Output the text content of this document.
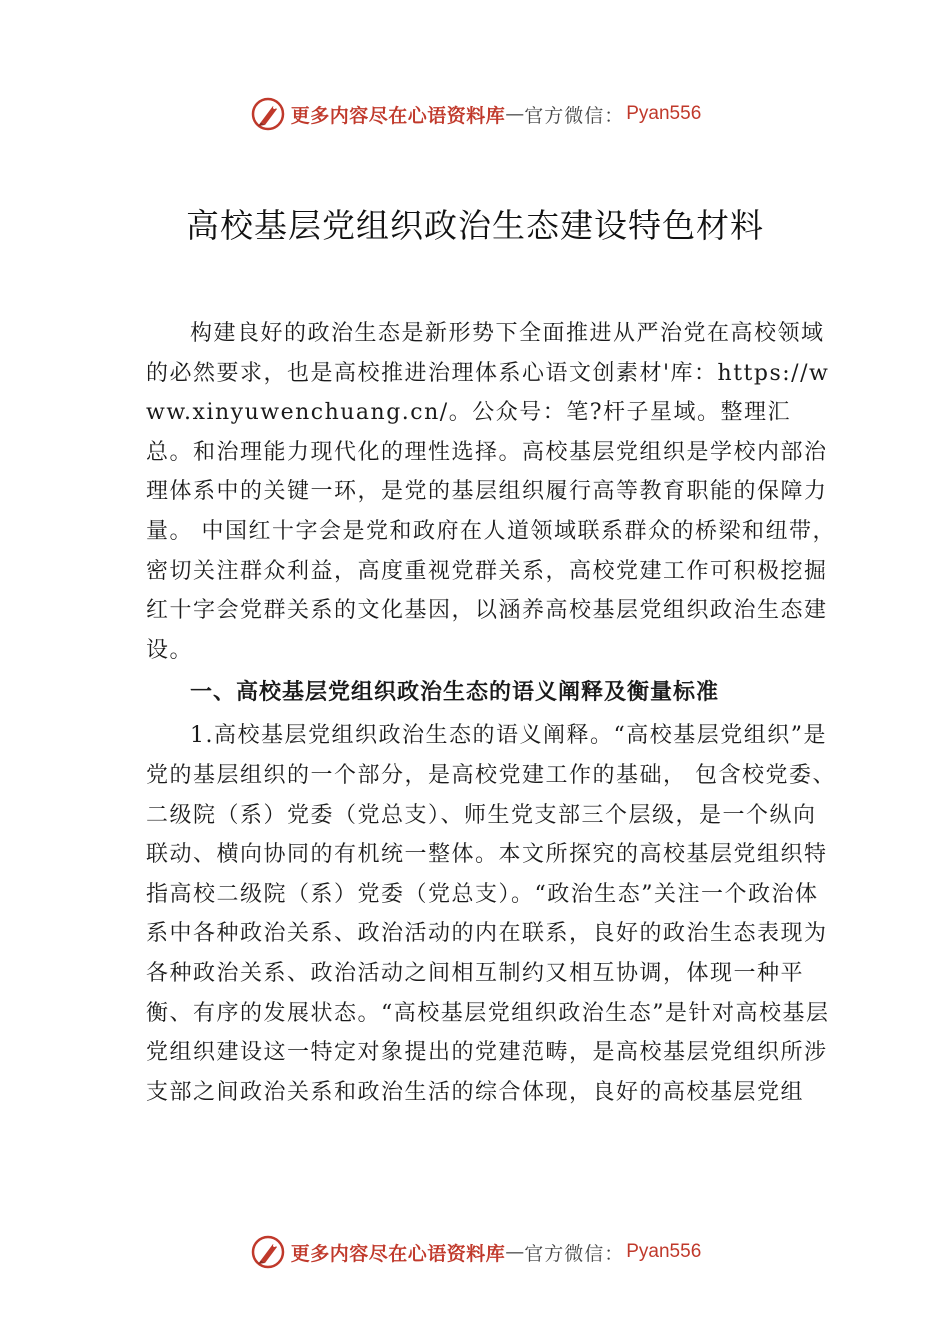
更多内容尽在心语资料库 — 官方微信： Pyan556
高校基层党组织政治生态建设特色材料

构建良好的政治生态是新形势下全面推进从严治党在高校领域的必然要求，也是高校推进治理体系心语文创素材'库：https://www.xinyuwenchuang.cn/。公众号：笔?杆子星域。整理汇总。和治理能力现代化的理性选择。高校基层党组织是学校内部治理体系中的关键一环，是党的基层组织履行高等教育职能的保障力量。 中国红十字会是党和政府在人道领域联系群众的桥梁和纽带，密切关注群众利益，高度重视党群关系，高校党建工作可积极挖掘红十字会党群关系的文化基因，以涵养高校基层党组织政治生态建设。

一、高校基层党组织政治生态的语义阐释及衡量标准

1.高校基层党组织政治生态的语义阐释。“高校基层党组织”是党的基层组织的一个部分，是高校党建工作的基础， 包含校党委、二级院（系）党委（党总支）、师生党支部三个层级，是一个纵向联动、横向协同的有机统一整体。本文所探究的高校基层党组织特指高校二级院（系）党委（党总支）。“政治生态”关注一个政治体系中各种政治关系、政治活动的内在联系，良好的政治生态表现为各种政治关系、政治活动之间相互制约又相互协调，体现一种平衡、有序的发展状态。“高校基层党组织政治生态”是针对高校基层党组织建设这一特定对象提出的党建范畴，是高校基层党组织所涉支部之间政治关系和政治生活的综合体现，良好的高校基层党组

更多内容尽在心语资料库 — 官方微信： Pyan556
